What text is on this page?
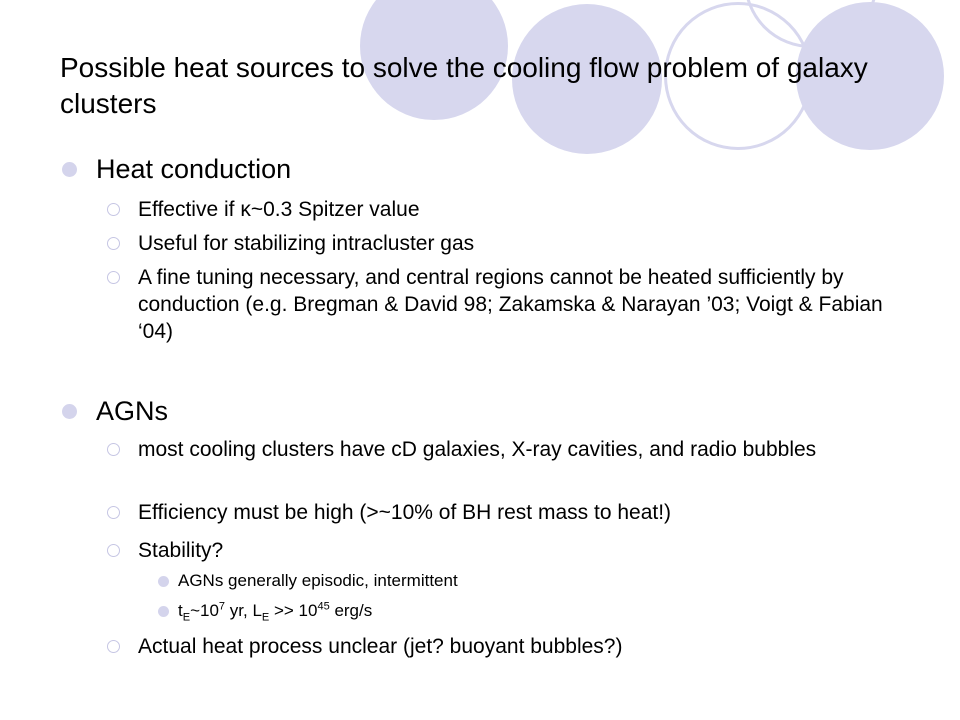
Possible heat sources to solve the cooling flow problem of galaxy clusters
Heat conduction
Effective if κ~0.3 Spitzer value
Useful for stabilizing intracluster gas
A fine tuning necessary, and central regions cannot be heated sufficiently by conduction (e.g. Bregman & David 98; Zakamska & Narayan ’03; Voigt & Fabian ‘04)
AGNs
most cooling clusters have cD galaxies, X-ray cavities, and radio bubbles
Efficiency must be high (>~10% of BH rest mass to heat!)
Stability?
AGNs generally episodic, intermittent
$t_E\sim 10^7$ yr, $L_E >> 10^{45}$ erg/s
Actual heat process unclear (jet? buoyant bubbles?)
